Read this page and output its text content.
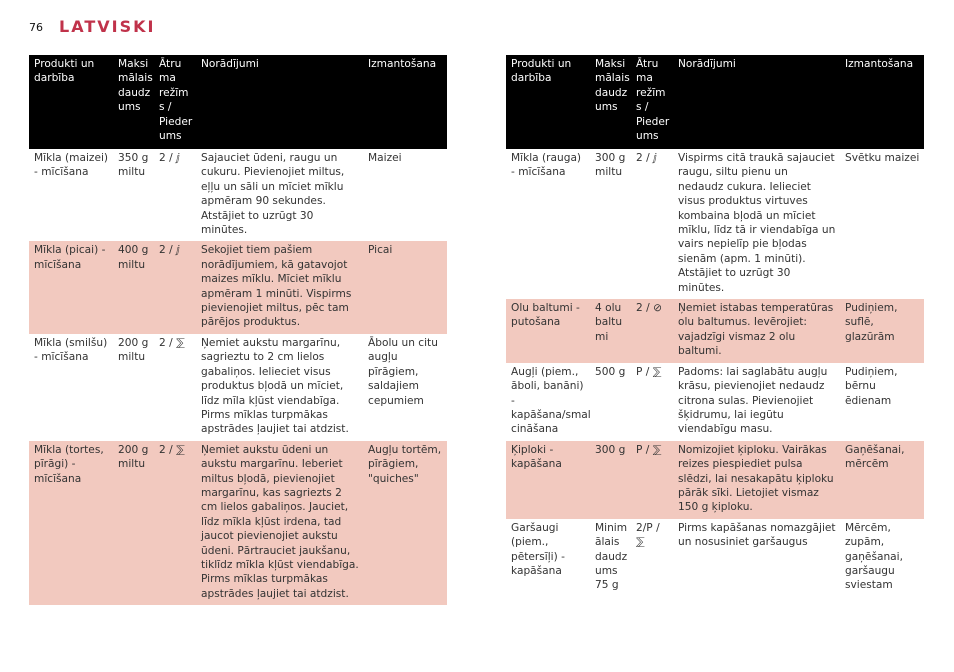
76 LATVISKI
Produkti un darbība	Maksi mālais daudz ums	Ātru ma režīm s / Pieder ums	Norādījumi	Izmantošana
Mīkla (maizei) - mīcīšana	350 g miltu	2 / ⅉ	Sajauciet ūdeni, raugu un cukuru. Pievienojiet miltus, eļļu un sāli un mīciet mīklu apmēram 90 sekundes. Atstājiet to uzrūgt 30 minūtes.	Maizei
Mīkla (picai) - mīcīšana	400 g miltu	2 / ⅉ	Sekojiet tiem pašiem norādījumiem, kā gatavojot maizes mīklu. Mīciet mīklu apmēram 1 minūti. Vispirms pievienojiet miltus, pēc tam pārējos produktus.	Picai
Mīkla (smilšu) - mīcīšana	200 g miltu	2 / ⅀	Ņemiet aukstu margarīnu, sagrieztu to 2 cm lielos gabaliņos. Ielieciet visus produktus bļodā un mīciet, līdz mīla kļūst viendabīga. Pirms mīklas turpmākas apstrādes ļaujiet tai atdzist.	Ābolu un citu augļu pīrāgiem, saldajiem cepumiem
Mīkla (tortes, pīrāgi) - mīcīšana	200 g miltu	2 / ⅀	Ņemiet aukstu ūdeni un aukstu margarīnu. Ieberiet miltus bļodā, pievienojiet margarīnu, kas sagriezts 2 cm lielos gabaliņos. Jauciet, līdz mīkla kļūst irdena, tad jaucot pievienojiet aukstu ūdeni. Pārtrauciet jaukšanu, tiklīdz mīkla kļūst viendabīga. Pirms mīklas turpmākas apstrādes ļaujiet tai atdzist.	Augļu tortēm, pīrāgiem, "quiches"
Produkti un darbība	Maksi mālais daudz ums	Ātru ma režīm s / Pieder ums	Norādījumi	Izmantošana
Mīkla (rauga) - mīcīšana	300 g miltu	2 / ⅉ	Vispirms citā traukā sajauciet raugu, siltu pienu un nedaudz cukura. Ielieciet visus produktus virtuves kombaina bļodā un mīciet mīklu, līdz tā ir viendabīga un vairs nepielīp pie bļodas sienām (apm. 1 minūti). Atstājiet to uzrūgt 30 minūtes.	Svētku maizei
Olu baltumi - putošana	4 olu baltu mi	2 / ⊘	Ņemiet istabas temperatūras olu baltumus. Ievērojiet: vajadzīgi vismaz 2 olu baltumi.	Pudiņiem, suflē, glazūrām
Augļi (piem., āboli, banāni) - kapāšana/smal cināšana	500 g	P / ⅀	Padoms: lai saglabātu augļu krāsu, pievienojiet nedaudz citrona sulas. Pievienojiet šķidrumu, lai iegūtu viendabīgu masu.	Pudiņiem, bērnu ēdienam
Ķiploki - kapāšana	300 g	P / ⅀	Nomizojiet ķiploku. Vairākas reizes piespiediet pulsa slēdzi, lai nesakapātu ķiploku pārāk sīki. Lietojiet vismaz 150 g ķiploku.	Gaņēšanai, mērcēm
Garšaugi (piem., pētersīļi) - kapāšana	Minim ālais daudz ums 75 g	2/P / ⅀	Pirms kapāšanas nomazgājiet un nosusiniet garšaugus	Mērcēm, zupām, gaņēšanai, garšaugu sviestam
